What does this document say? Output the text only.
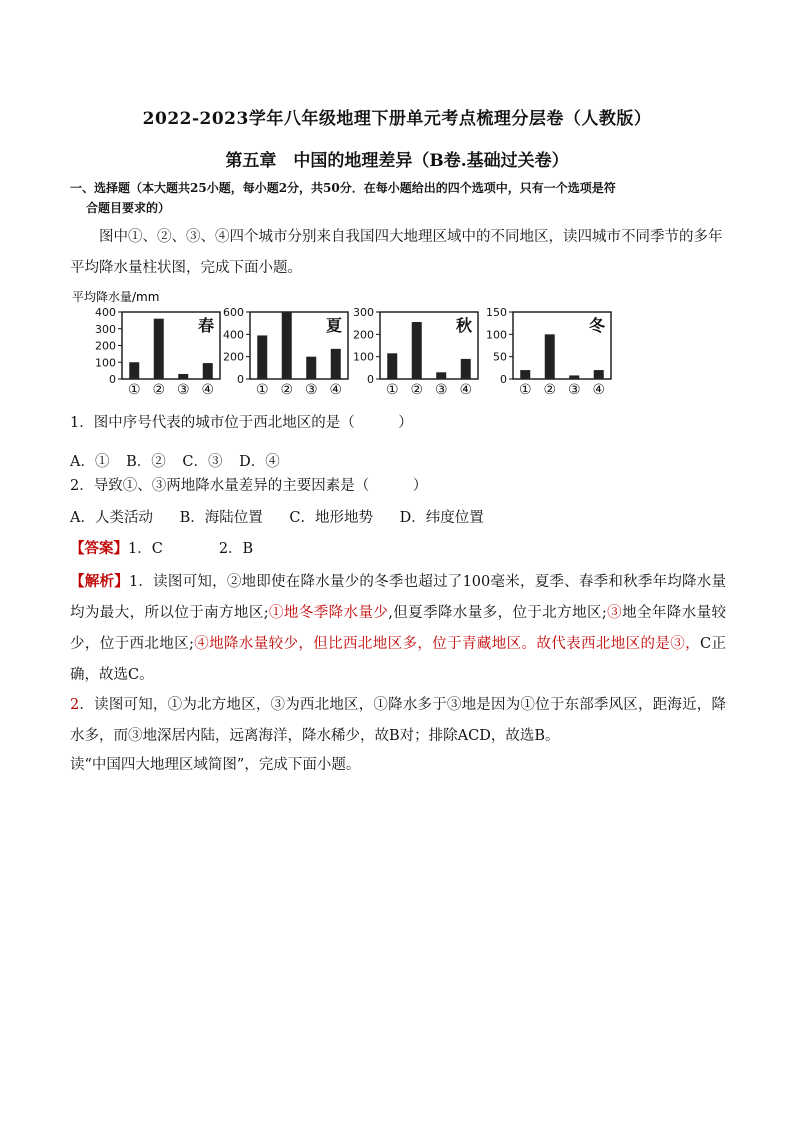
2022-2023学年八年级地理下册单元考点梳理分层卷（人教版）
第五章　中国的地理差异（B卷.基础过关卷）
一、选择题（本大题共25小题，每小题2分，共50分．在每小题给出的四个选项中，只有一个选项是符
合题目要求的）
图中①、②、③、④四个城市分别来自我国四大地理区域中的不同地区，读四城市不同季节的多年平均降水量柱状图，完成下面小题。
平均降水量/mm
0
100
200
300
400
春
① ② ③ ④
0
200
400
600
夏
① ② ③ ④
0
100
200
300
秋
① ② ③ ④
0
50
100
150
冬
① ② ③ ④
1．图中序号代表的城市位于西北地区的是（　　　）
A．① B．② C．③ D．④
2．导致①、③两地降水量差异的主要因素是（　　　）
A．人类活动 B．海陆位置 C．地形地势 D．纬度位置
【答案】1．C	2．B
【解析】1．读图可知，②地即使在降水量少的冬季也超过了100毫米，夏季、春季和秋季年均降水量均为最大，所以位于南方地区;①地冬季降水量少,但夏季降水量多，位于北方地区;③地全年降水量较少，位于西北地区;④地降水量较少，但比西北地区多，位于青藏地区。故代表西北地区的是③，C正确，故选C。
2．读图可知，①为北方地区，③为西北地区，①降水多于③地是因为①位于东部季风区，距海近，降水多，而③地深居内陆，远离海洋，降水稀少，故B对；排除ACD，故选B。
读“中国四大地理区域简图”，完成下面小题。
